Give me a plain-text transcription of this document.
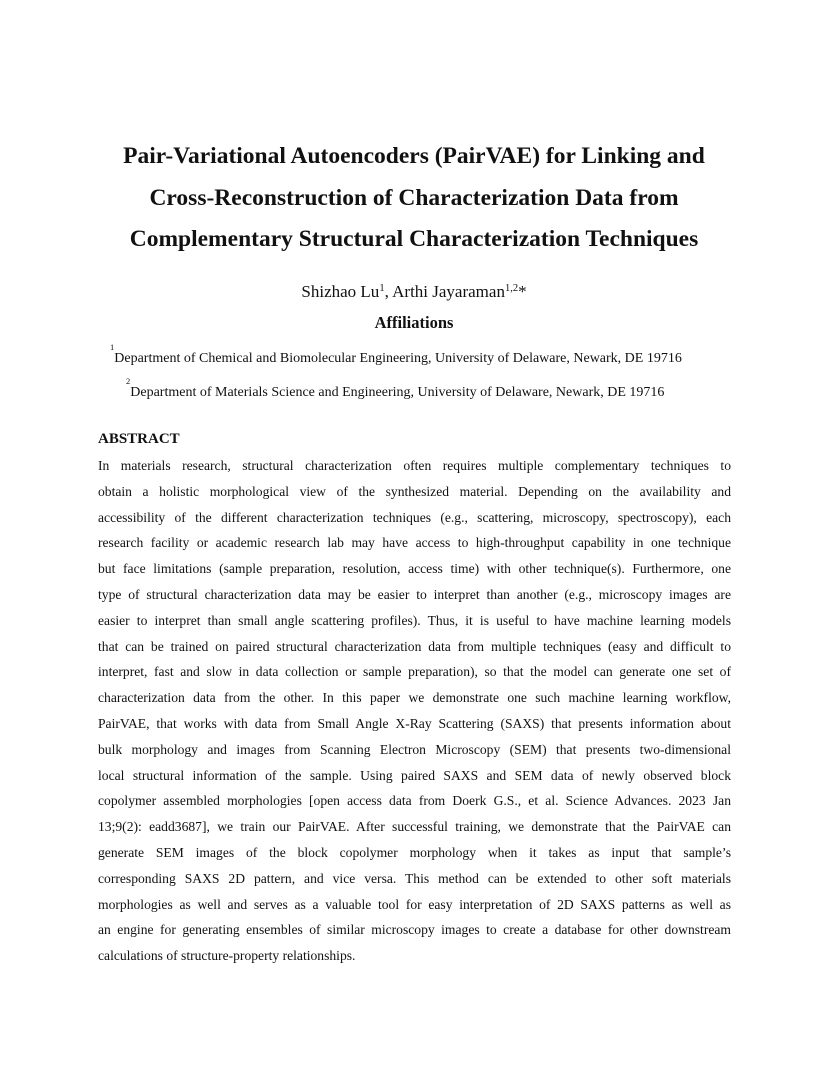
Pair-Variational Autoencoders (PairVAE) for Linking and
Cross-Reconstruction of Characterization Data from
Complementary Structural Characterization Techniques
Shizhao Lu$^1$, Arthi Jayaraman$^{1,2}$*
Affiliations
$^1$Department of Chemical and Biomolecular Engineering, University of Delaware, Newark, DE 19716
$^2$Department of Materials Science and Engineering, University of Delaware, Newark, DE 19716
ABSTRACT
In materials research, structural characterization often requires multiple complementary techniques to
obtain a holistic morphological view of the synthesized material. Depending on the availability and
accessibility of the different characterization techniques (e.g., scattering, microscopy, spectroscopy), each
research facility or academic research lab may have access to high-throughput capability in one technique
but face limitations (sample preparation, resolution, access time) with other technique(s). Furthermore, one
type of structural characterization data may be easier to interpret than another (e.g., microscopy images are
easier to interpret than small angle scattering profiles). Thus, it is useful to have machine learning models
that can be trained on paired structural characterization data from multiple techniques (easy and difficult to
interpret, fast and slow in data collection or sample preparation), so that the model can generate one set of
characterization data from the other. In this paper we demonstrate one such machine learning workflow,
PairVAE, that works with data from Small Angle X-Ray Scattering (SAXS) that presents information about
bulk morphology and images from Scanning Electron Microscopy (SEM) that presents two-dimensional
local structural information of the sample. Using paired SAXS and SEM data of newly observed block
copolymer assembled morphologies [open access data from Doerk G.S., et al. Science Advances. 2023 Jan
13;9(2): eadd3687], we train our PairVAE. After successful training, we demonstrate that the PairVAE can
generate SEM images of the block copolymer morphology when it takes as input that sample’s
corresponding SAXS 2D pattern, and vice versa. This method can be extended to other soft materials
morphologies as well and serves as a valuable tool for easy interpretation of 2D SAXS patterns as well as
an engine for generating ensembles of similar microscopy images to create a database for other downstream
calculations of structure-property relationships.
